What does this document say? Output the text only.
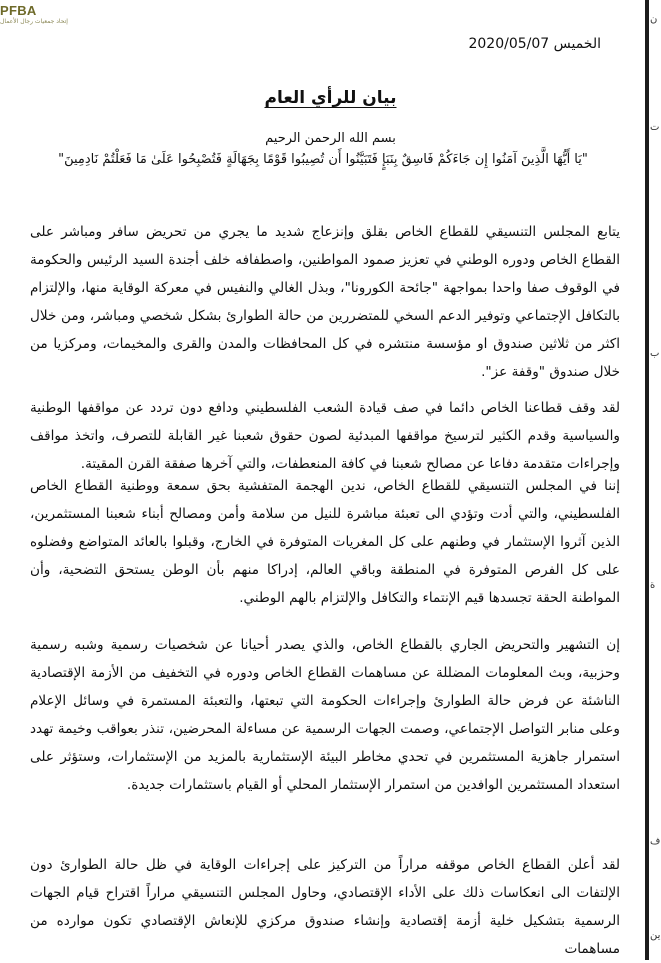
PFBA
إتحاد جمعيات رجال الأعمال
الخميس 2020/05/07
بيان للرأي العام
بسم الله الرحمن الرحيم
"يَا أَيُّهَا الَّذِينَ آمَنُوا إِن جَاءَكُمْ فَاسِقٌ بِنَبَإٍ فَتَبَيَّنُوا أَن تُصِيبُوا قَوْمًا بِجَهَالَةٍ فَتُصْبِحُوا عَلَىٰ مَا فَعَلْتُمْ نَادِمِينَ"

يتابع المجلس التنسيقي للقطاع الخاص بقلق وإنزعاج شديد ما يجري من تحريض سافر ومباشر على القطاع الخاص ودوره الوطني في تعزيز صمود المواطنين، واصطفافه خلف أجندة السيد الرئيس والحكومة في الوقوف صفا واحدا بمواجهة "جائحة الكورونا"، وبذل الغالي والنفيس في معركة الوقاية منها، والإلتزام بالتكافل الإجتماعي وتوفير الدعم السخي للمتضررين من حالة الطوارئ بشكل شخصي ومباشر، ومن خلال اكثر من ثلاثين صندوق او مؤسسة منتشره في كل المحافظات والمدن والقرى والمخيمات، ومركزيا من خلال صندوق "وقفة عز".

لقد وقف قطاعنا الخاص دائما في صف قيادة الشعب الفلسطيني ودافع دون تردد عن مواقفها الوطنية والسياسية وقدم الكثير لترسيخ مواقفها المبدئية لصون حقوق شعبنا غير القابلة للتصرف، واتخذ مواقف وإجراءات متقدمة دفاعا عن مصالح شعبنا في كافة المنعطفات، والتي آخرها صفقة القرن المقيتة.

إننا في المجلس التنسيقي للقطاع الخاص، ندين الهجمة المتفشية بحق سمعة ووطنية القطاع الخاص الفلسطيني، والتي أدت وتؤدي الى تعبئة مباشرة للنيل من سلامة وأمن ومصالح أبناء شعبنا المستثمرين، الذين آثروا الإستثمار في وطنهم على كل المغريات المتوفرة في الخارج، وقبلوا بالعائد المتواضع وفضلوه على كل الفرص المتوفرة في المنطقة وباقي العالم، إدراكا منهم بأن الوطن يستحق التضحية، وأن المواطنة الحقة تجسدها قيم الإنتماء والتكافل والإلتزام بالهم الوطني.

إن التشهير والتحريض الجاري بالقطاع الخاص، والذي يصدر أحيانا عن شخصيات رسمية وشبه رسمية وحزبية، وبث المعلومات المضللة عن مساهمات القطاع الخاص ودوره في التخفيف من الأزمة الإقتصادية الناشئة عن فرض حالة الطوارئ وإجراءات الحكومة التي تبعتها، والتعبئة المستمرة في وسائل الإعلام وعلى منابر التواصل الإجتماعي، وصمت الجهات الرسمية عن مساءلة المحرضين، تنذر بعواقب وخيمة تهدد استمرار جاهزية المستثمرين في تحدي مخاطر البيئة الإستثمارية بالمزيد من الإستثمارات، وستؤثر على استعداد المستثمرين الوافدين من استمرار الإستثمار المحلي أو القيام باستثمارات جديدة.

لقد أعلن القطاع الخاص موقفه مراراً من التركيز على إجراءات الوقاية في ظل حالة الطوارئ دون الإلتفات الى انعكاسات ذلك على الأداء الإقتصادي، وحاول المجلس التنسيقي مراراً اقتراح قيام الجهات الرسمية بتشكيل خلية أزمة إقتصادية وإنشاء صندوق مركزي للإنعاش الإقتصادي تكون موارده من مساهمات

ن
ت
ب
ة
ف
ين
